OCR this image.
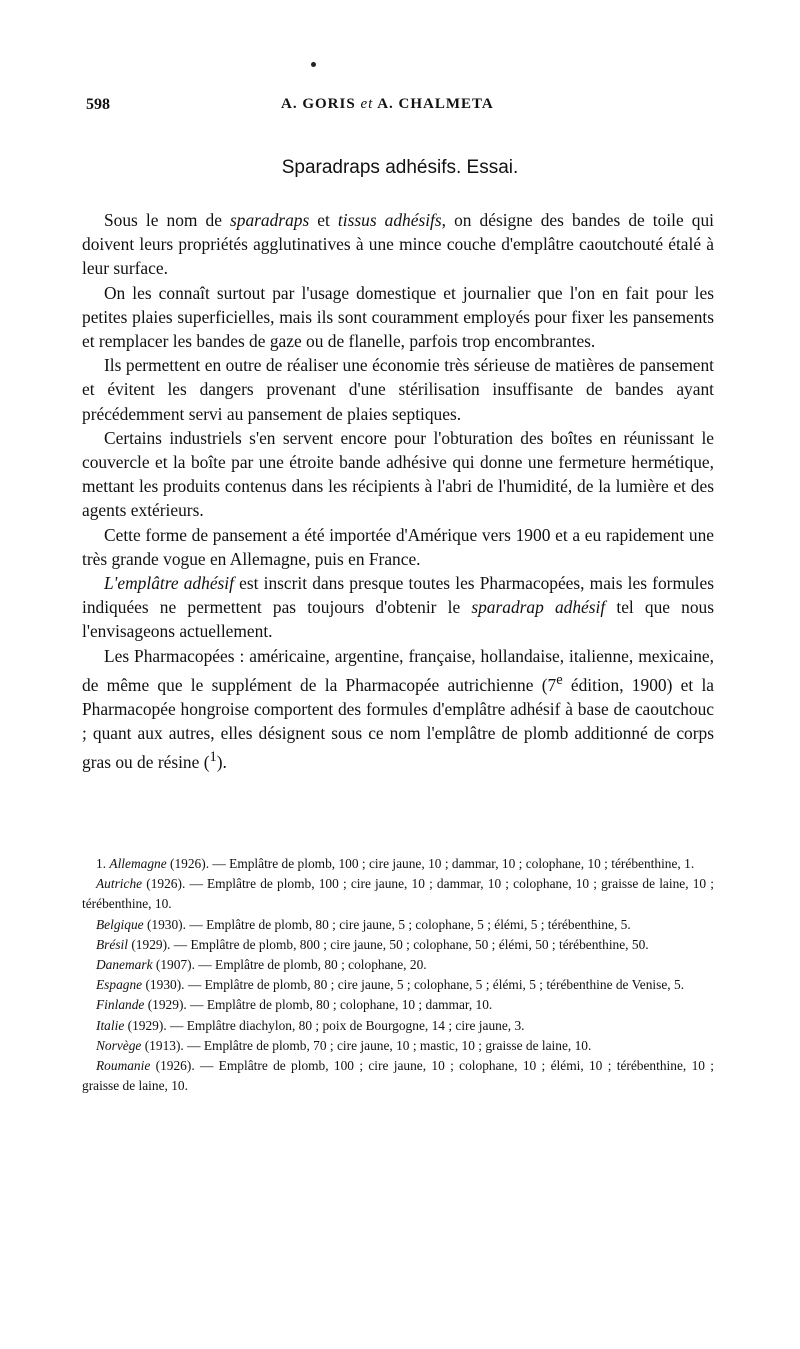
598	A. GORIS et A. CHALMETA
Sparadraps adhésifs. Essai.

Sous le nom de sparadraps et tissus adhésifs, on désigne des bandes de toile qui doivent leurs propriétés agglutinatives à une mince couche d'emplâtre caoutchouté étalé à leur surface.

On les connaît surtout par l'usage domestique et journalier que l'on en fait pour les petites plaies superficielles, mais ils sont couramment employés pour fixer les pansements et remplacer les bandes de gaze ou de flanelle, parfois trop encombrantes.

Ils permettent en outre de réaliser une économie très sérieuse de matières de pansement et évitent les dangers provenant d'une stérilisation insuffisante de bandes ayant précédemment servi au pansement de plaies septiques.

Certains industriels s'en servent encore pour l'obturation des boîtes en réunissant le couvercle et la boîte par une étroite bande adhésive qui donne une fermeture hermétique, mettant les produits contenus dans les récipients à l'abri de l'humidité, de la lumière et des agents extérieurs.

Cette forme de pansement a été importée d'Amérique vers 1900 et a eu rapidement une très grande vogue en Allemagne, puis en France.

L'emplâtre adhésif est inscrit dans presque toutes les Pharmacopées, mais les formules indiquées ne permettent pas toujours d'obtenir le sparadrap adhésif tel que nous l'envisageons actuellement.

Les Pharmacopées : américaine, argentine, française, hollandaise, italienne, mexicaine, de même que le supplément de la Pharmacopée autrichienne (7e édition, 1900) et la Pharmacopée hongroise comportent des formules d'emplâtre adhésif à base de caoutchouc ; quant aux autres, elles désignent sous ce nom l'emplâtre de plomb additionné de corps gras ou de résine ($^1$).

1. Allemagne (1926). — Emplâtre de plomb, 100 ; cire jaune, 10 ; dammar, 10 ; colophane, 10 ; térébenthine, 1.

Autriche (1926). — Emplâtre de plomb, 100 ; cire jaune, 10 ; dammar, 10 ; colophane, 10 ; graisse de laine, 10 ; térébenthine, 10.

Belgique (1930). — Emplâtre de plomb, 80 ; cire jaune, 5 ; colophane, 5 ; élémi, 5 ; térébenthine, 5.

Brésil (1929). — Emplâtre de plomb, 800 ; cire jaune, 50 ; colophane, 50 ; élémi, 50 ; térébenthine, 50.

Danemark (1907). — Emplâtre de plomb, 80 ; colophane, 20.

Espagne (1930). — Emplâtre de plomb, 80 ; cire jaune, 5 ; colophane, 5 ; élémi, 5 ; térébenthine de Venise, 5.

Finlande (1929). — Emplâtre de plomb, 80 ; colophane, 10 ; dammar, 10.

Italie (1929). — Emplâtre diachylon, 80 ; poix de Bourgogne, 14 ; cire jaune, 3.

Norvège (1913). — Emplâtre de plomb, 70 ; cire jaune, 10 ; mastic, 10 ; graisse de laine, 10.

Roumanie (1926). — Emplâtre de plomb, 100 ; cire jaune, 10 ; colophane, 10 ; élémi, 10 ; térébenthine, 10 ; graisse de laine, 10.
